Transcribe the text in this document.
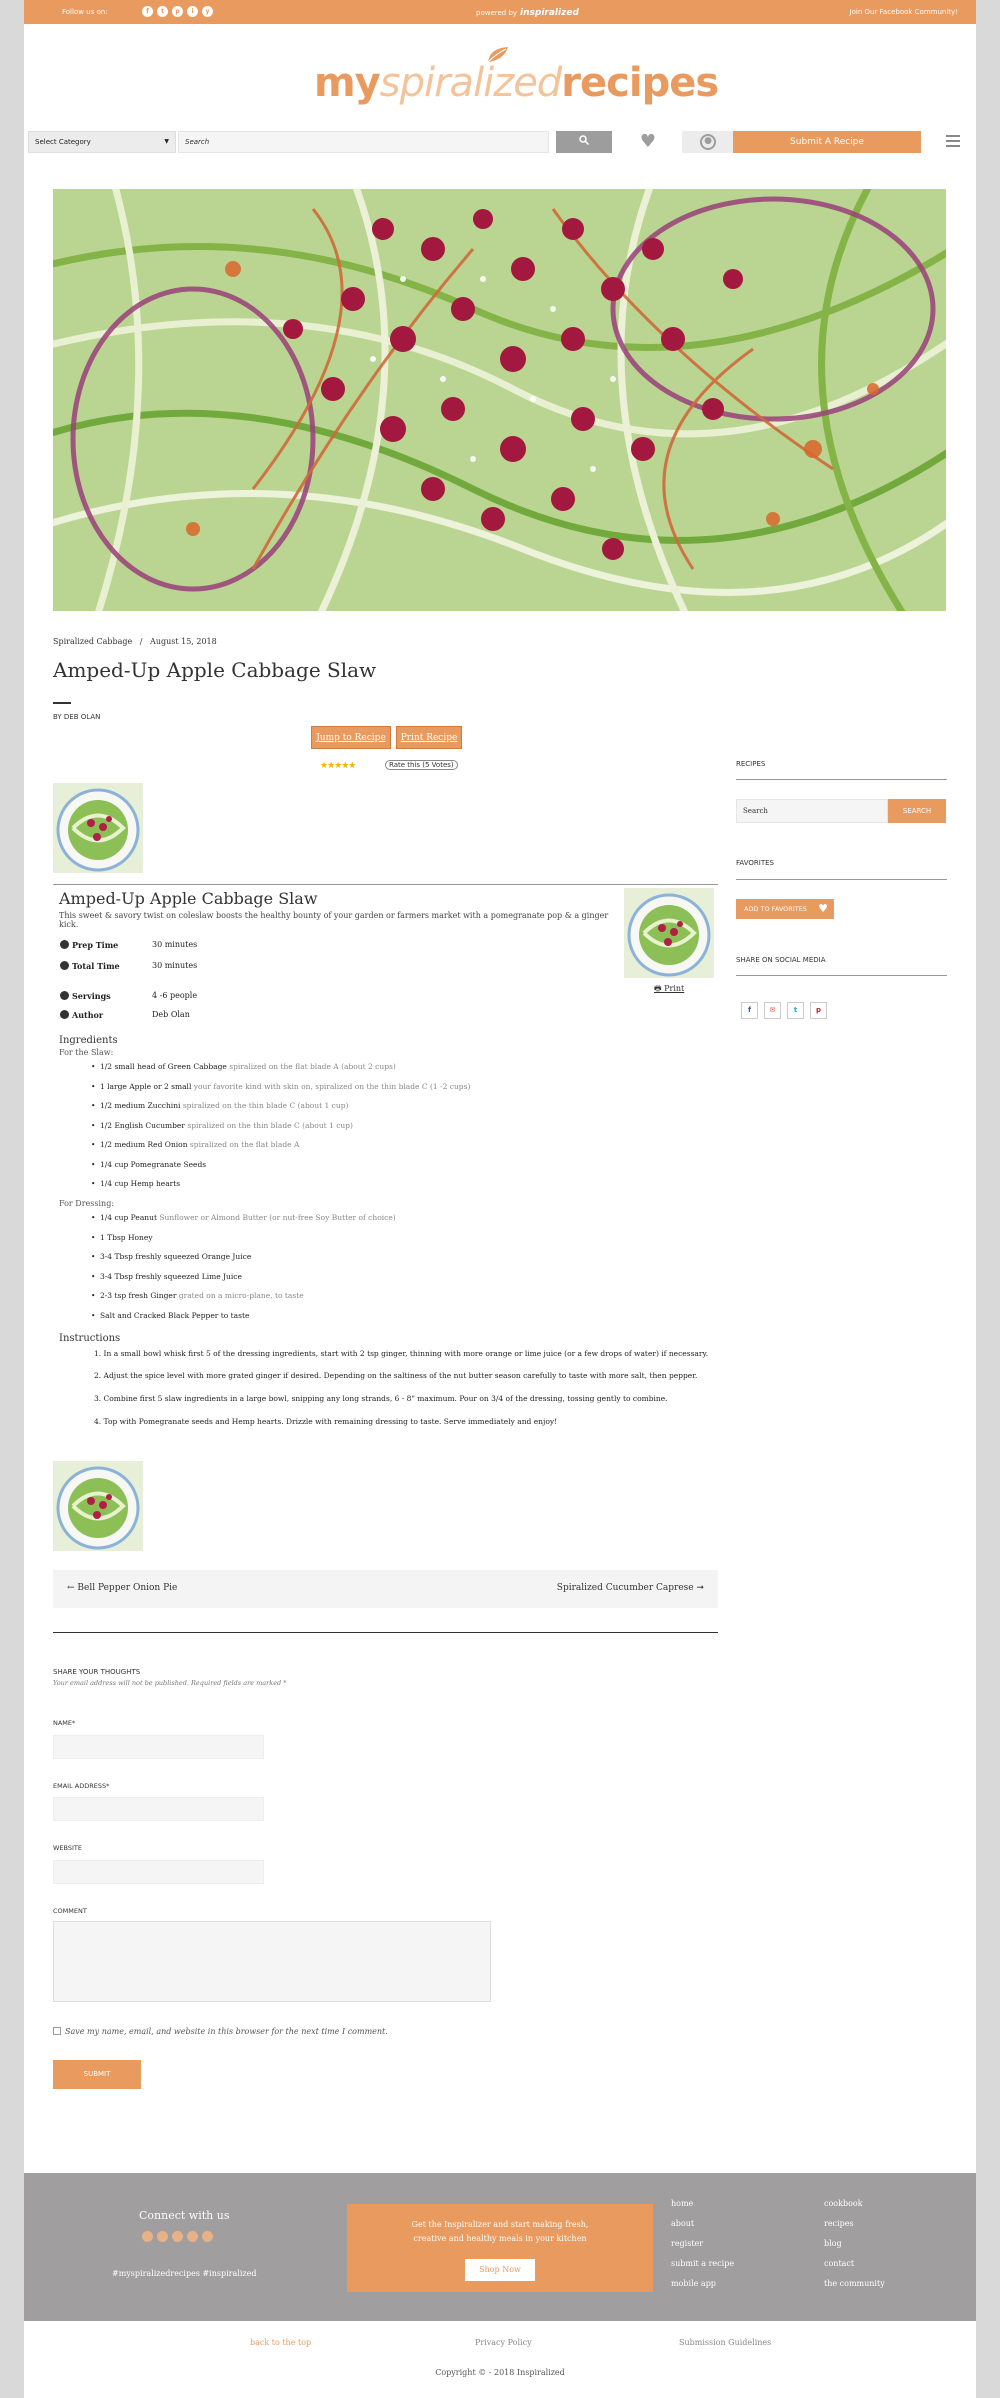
Follow us on:	f	t	p	i	y	powered by inspiralized	Join Our Facebook Community!
myspiralizedrecipes
Select Category	▼	Search	♥	●	Submit A Recipe
Spiralized Cabbage / August 15, 2018
Amped-Up Apple Cabbage Slaw
BY DEB OLAN
Jump to Recipe	Print Recipe
★★★★★	Rate this (5 Votes)
Amped-Up Apple Cabbage Slaw
This sweet & savory twist on coleslaw boosts the healthy bounty of your garden or farmers market with a pomegranate pop & a ginger kick.
🖶 Print
Prep Time	30 minutes
Total Time	30 minutes
Servings	4 -6 people
Author	Deb Olan
Ingredients
For the Slaw:
• 1/2 small head of Green Cabbage spiralized on the flat blade A (about 2 cups)
• 1 large Apple or 2 small your favorite kind with skin on, spiralized on the thin blade C (1 -2 cups)
• 1/2 medium Zucchini spiralized on the thin blade C (about 1 cup)
• 1/2 English Cucumber spiralized on the thin blade C (about 1 cup)
• 1/2 medium Red Onion spiralized on the flat blade A
• 1/4 cup Pomegranate Seeds
• 1/4 cup Hemp hearts
For Dressing:
• 1/4 cup Peanut Sunflower or Almond Butter (or nut-free Soy Butter of choice)
• 1 Tbsp Honey
• 3-4 Tbsp freshly squeezed Orange Juice
• 3-4 Tbsp freshly squeezed Lime Juice
• 2-3 tsp fresh Ginger grated on a micro-plane, to taste
• Salt and Cracked Black Pepper to taste
Instructions
1. In a small bowl whisk first 5 of the dressing ingredients, start with 2 tsp ginger, thinning with more orange or lime juice (or a few drops of water) if necessary.
2. Adjust the spice level with more grated ginger if desired. Depending on the saltiness of the nut butter season carefully to taste with more salt, then pepper.
3. Combine first 5 slaw ingredients in a large bowl, snipping any long strands, 6 - 8" maximum. Pour on 3/4 of the dressing, tossing gently to combine.
4. Top with Pomegranate seeds and Hemp hearts. Drizzle with remaining dressing to taste. Serve immediately and enjoy!
← Bell Pepper Onion Pie	Spiralized Cucumber Caprese ➞
SHARE YOUR THOUGHTS
Your email address will not be published. Required fields are marked *
NAME*
EMAIL ADDRESS*
WEBSITE
COMMENT
Save my name, email, and website in this browser for the next time I comment.
SUBMIT
RECIPES
Search	SEARCH
FAVORITES
ADD TO FAVORITES ♥
SHARE ON SOCIAL MEDIA
f	✉	t	p
Connect with us
#myspiralizedrecipes #inspiralized
Get the Inspiralizer and start making fresh,
creative and healthy meals in your kitchen
Shop Now
home
about
register
submit a recipe
mobile app
cookbook
recipes
blog
contact
the community
back to the top	Privacy Policy	Submission Guidelines
Copyright © - 2018 Inspiralized
